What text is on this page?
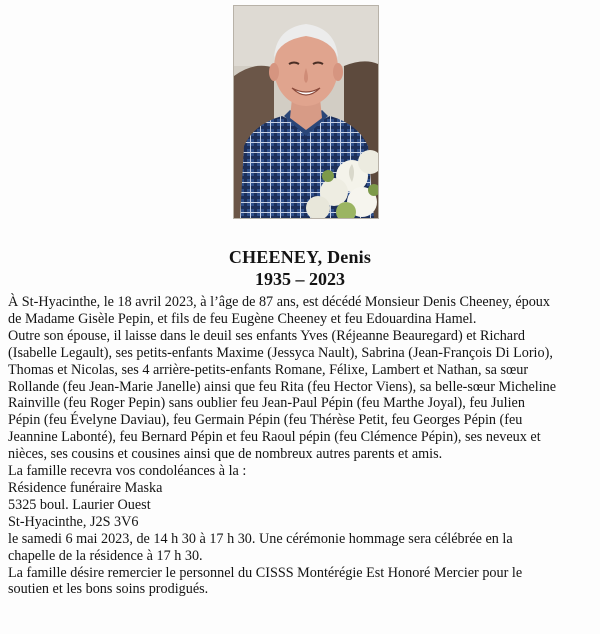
CHEENEY, Denis
1935 – 2023
À St-Hyacinthe, le 18 avril 2023, à l’âge de 87 ans, est décédé Monsieur Denis Cheeney, époux
de Madame Gisèle Pepin, et fils de feu Eugène Cheeney et feu Edouardina Hamel.
Outre son épouse, il laisse dans le deuil ses enfants Yves (Réjeanne Beauregard) et Richard
(Isabelle Legault), ses petits-enfants Maxime (Jessyca Nault), Sabrina (Jean-François Di Lorio),
Thomas et Nicolas, ses 4 arrière-petits-enfants Romane, Félixe, Lambert et Nathan, sa sœur
Rollande (feu Jean-Marie Janelle) ainsi que feu Rita (feu Hector Viens), sa belle-sœur Micheline
Rainville (feu Roger Pepin) sans oublier feu Jean-Paul Pépin (feu Marthe Joyal), feu Julien
Pépin (feu Évelyne Daviau), feu Germain Pépin (feu Thérèse Petit, feu Georges Pépin (feu
Jeannine Labonté), feu Bernard Pépin et feu Raoul pépin (feu Clémence Pépin), ses neveux et
nièces, ses cousins et cousines ainsi que de nombreux autres parents et amis.
La famille recevra vos condoléances à la :
Résidence funéraire Maska
5325 boul. Laurier Ouest
St-Hyacinthe, J2S 3V6
le samedi 6 mai 2023, de 14 h 30 à 17 h 30. Une cérémonie hommage sera célébrée en la
chapelle de la résidence à 17 h 30.
La famille désire remercier le personnel du CISSS Montérégie Est Honoré Mercier pour le
soutien et les bons soins prodigués.
